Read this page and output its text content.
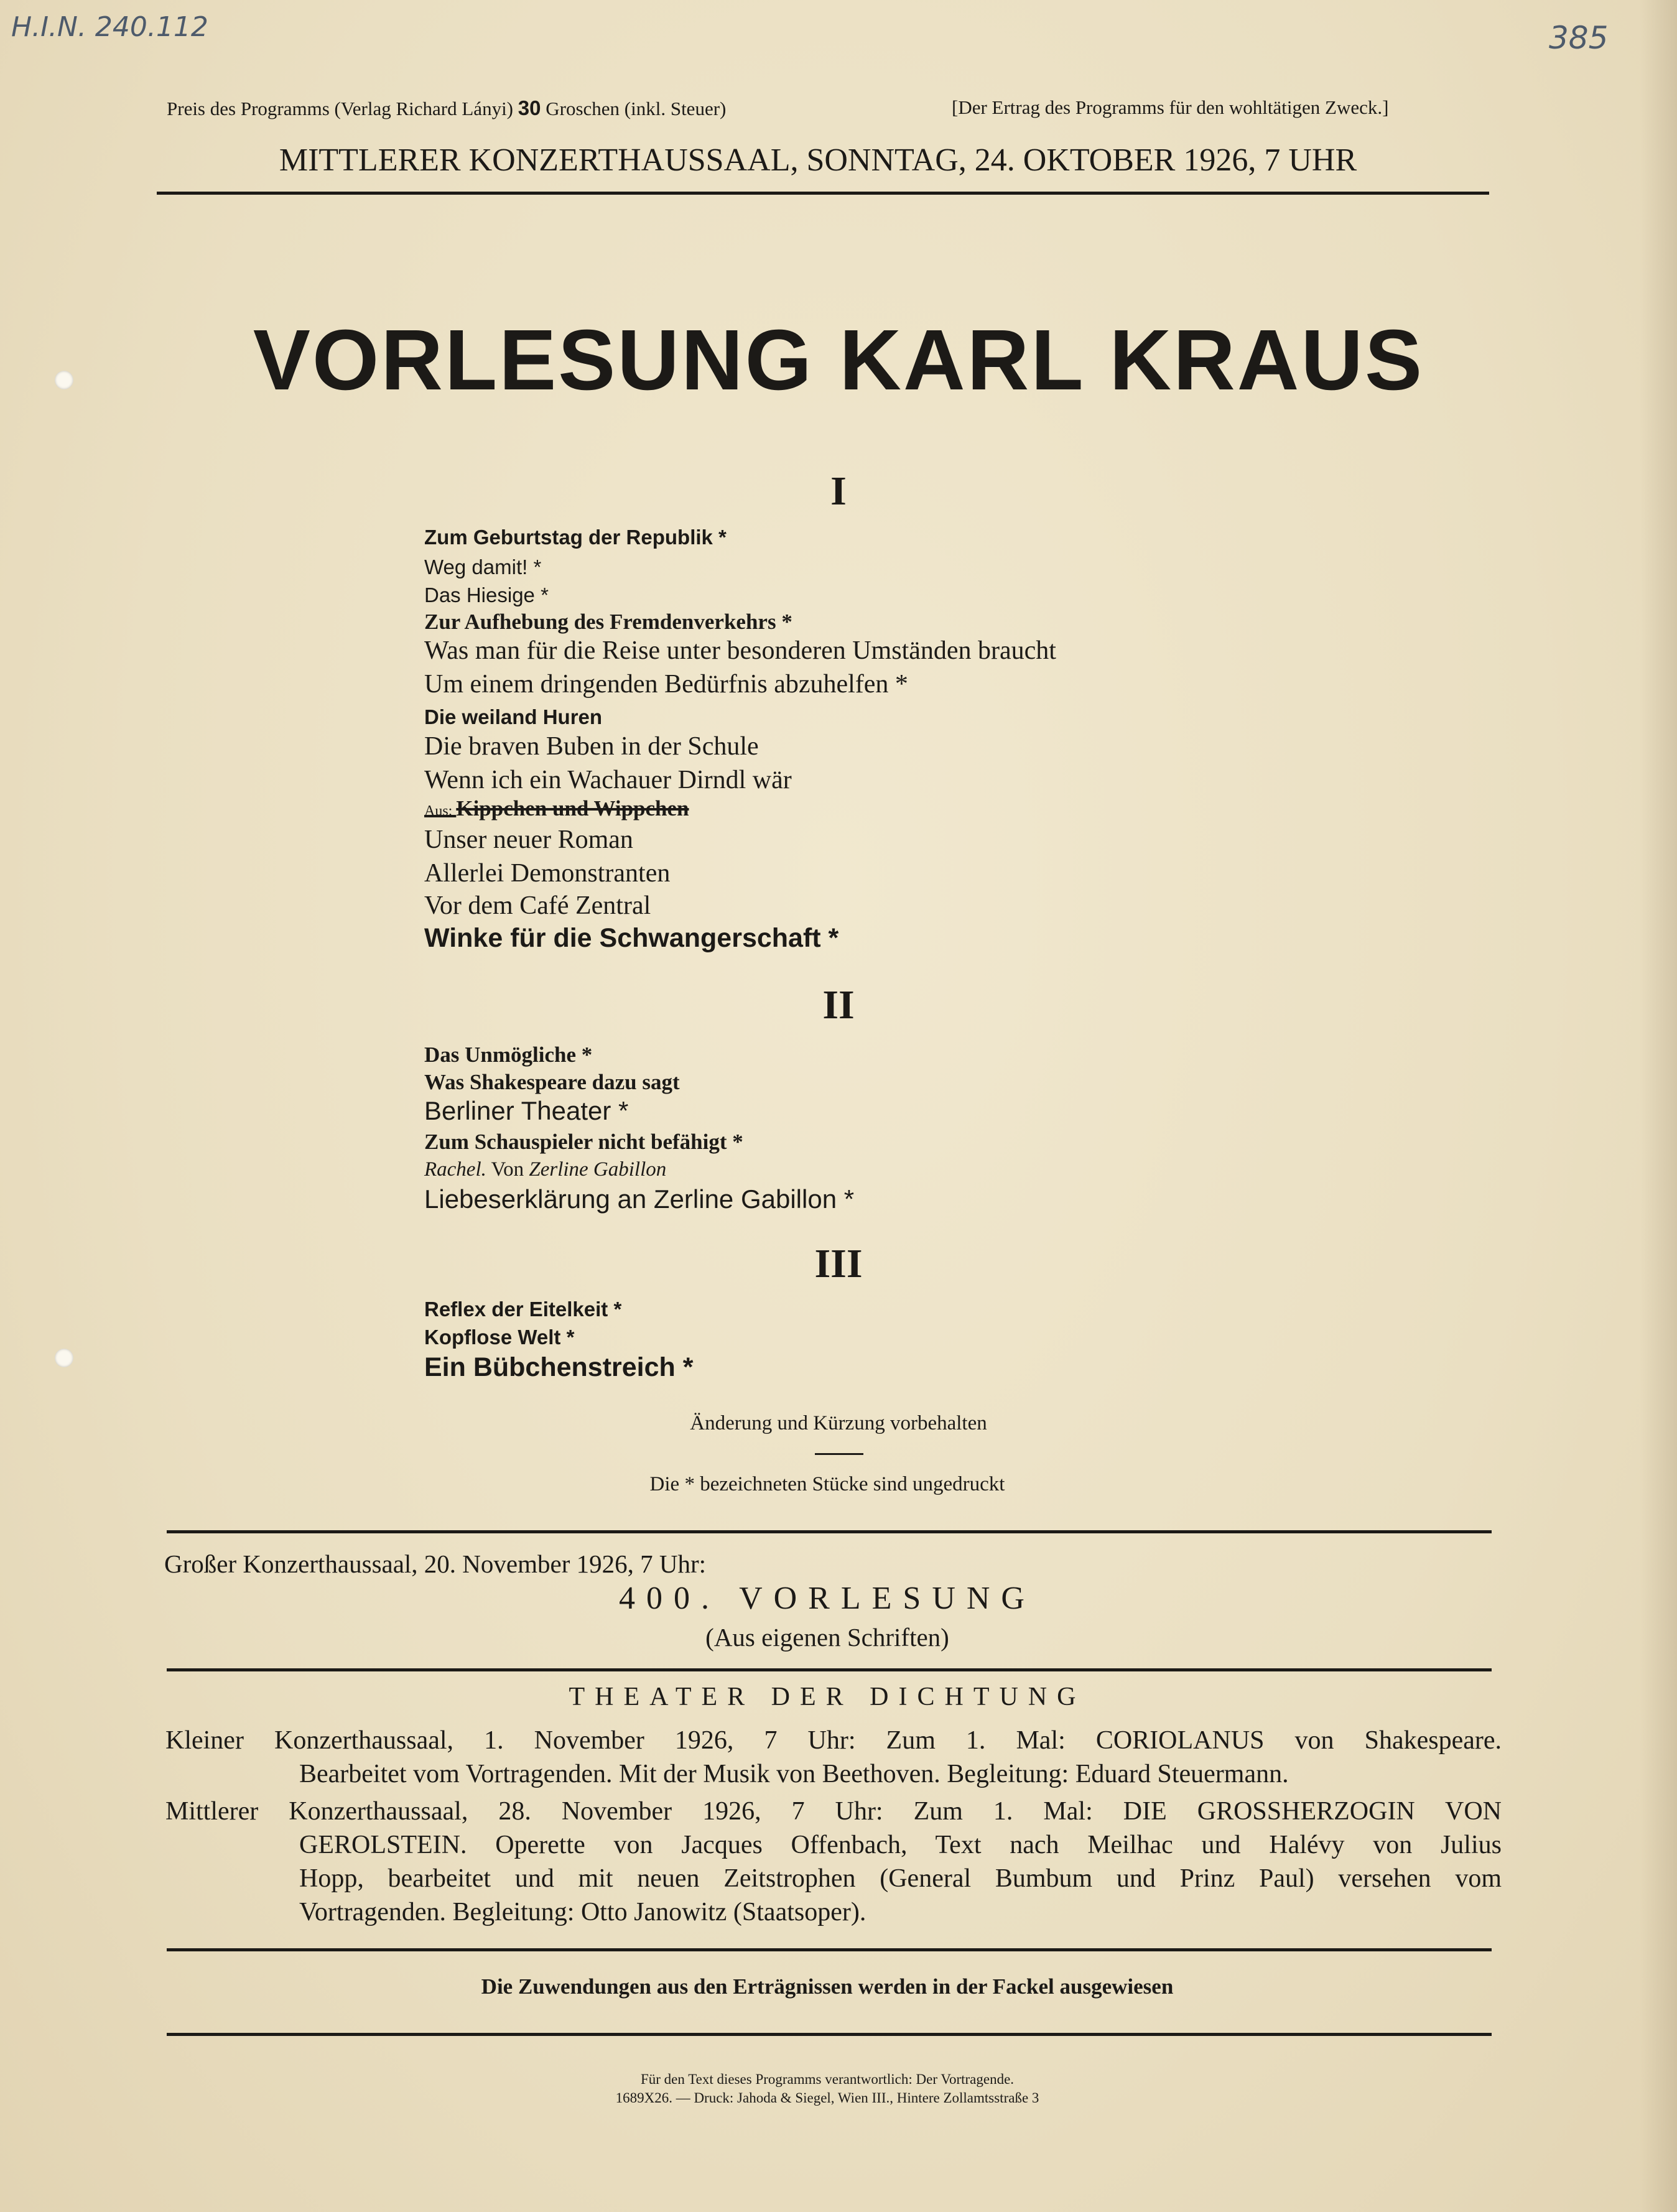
H.I.N. 240.112	385
Preis des Programms (Verlag Richard Lányi) 30 Groschen (inkl. Steuer)	[Der Ertrag des Programms für den wohltätigen Zweck.]
MITTLERER KONZERTHAUSSAAL, SONNTAG, 24. OKTOBER 1926, 7 UHR
VORLESUNG KARL KRAUS
I
Zum Geburtstag der Republik *
Weg damit! *
Das Hiesige *
Zur Aufhebung des Fremdenverkehrs *
Was man für die Reise unter besonderen Umständen braucht
Um einem dringenden Bedürfnis abzuhelfen *
Die weiland Huren
Die braven Buben in der Schule
Wenn ich ein Wachauer Dirndl wär
Aus: Kippchen und Wippchen
Unser neuer Roman
Allerlei Demonstranten
Vor dem Café Zentral
Winke für die Schwangerschaft *
II
Das Unmögliche *
Was Shakespeare dazu sagt
Berliner Theater *
Zum Schauspieler nicht befähigt *
Rachel. Von Zerline Gabillon
Liebeserklärung an Zerline Gabillon *
III
Reflex der Eitelkeit *
Kopflose Welt *
Ein Bübchenstreich *
Änderung und Kürzung vorbehalten
Die * bezeichneten Stücke sind ungedruckt
Großer Konzerthaussaal, 20. November 1926, 7 Uhr:
400. VORLESUNG
(Aus eigenen Schriften)
THEATER DER DICHTUNG
Kleiner Konzerthaussaal, 1. November 1926, 7 Uhr: Zum 1. Mal: CORIOLANUS von Shakespeare.
Bearbeitet vom Vortragenden. Mit der Musik von Beethoven. Begleitung: Eduard Steuermann.
Mittlerer Konzerthaussaal, 28. November 1926, 7 Uhr: Zum 1. Mal: DIE GROSSHERZOGIN VON
GEROLSTEIN. Operette von Jacques Offenbach, Text nach Meilhac und Halévy von Julius
Hopp, bearbeitet und mit neuen Zeitstrophen (General Bumbum und Prinz Paul) versehen vom
Vortragenden. Begleitung: Otto Janowitz (Staatsoper).
Die Zuwendungen aus den Erträgnissen werden in der Fackel ausgewiesen
Für den Text dieses Programms verantwortlich: Der Vortragende.
1689X26. — Druck: Jahoda & Siegel, Wien III., Hintere Zollamtsstraße 3
